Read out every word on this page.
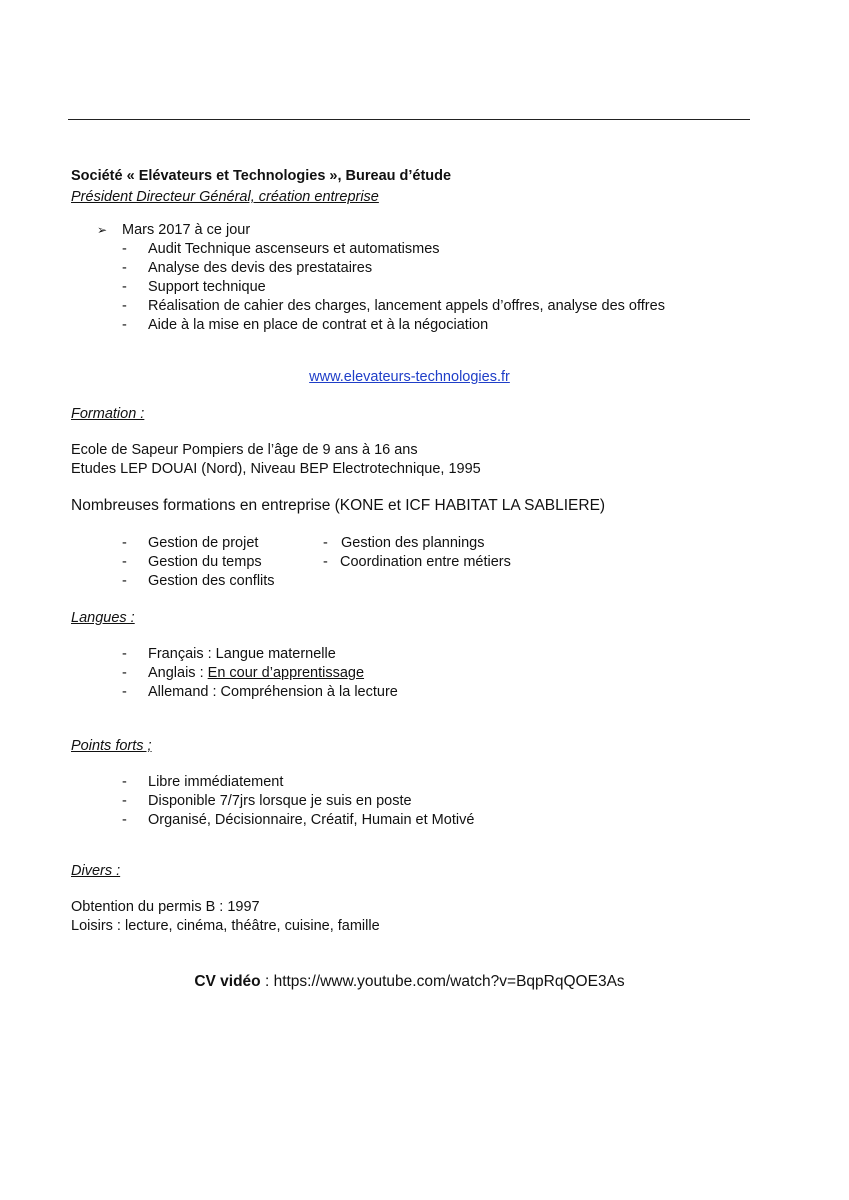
Société « Elévateurs et Technologies », Bureau d’étude
Président Directeur Général, création entreprise
➢ Mars 2017 à ce jour
- Audit Technique ascenseurs et automatismes
- Analyse des devis des prestataires
- Support technique
- Réalisation de cahier des charges, lancement appels d’offres, analyse des offres
- Aide à la mise en place de contrat et à la négociation
www.elevateurs-technologies.fr
Formation :
Ecole de Sapeur Pompiers de l’âge de 9 ans à 16 ans
Etudes LEP DOUAI (Nord), Niveau BEP Electrotechnique, 1995
Nombreuses formations en entreprise (KONE et ICF HABITAT LA SABLIERE)
- Gestion de projet
- Gestion du temps
- Gestion des conflits
- Gestion des plannings
- Coordination entre métiers
Langues :
- Français : Langue maternelle
- Anglais : En cour d’apprentissage
- Allemand : Compréhension à la lecture
Points forts ;
- Libre immédiatement
- Disponible 7/7jrs lorsque je suis en poste
- Organisé, Décisionnaire, Créatif, Humain et Motivé
Divers :
Obtention du permis B : 1997
Loisirs : lecture, cinéma, théâtre, cuisine, famille
CV vidéo : https://www.youtube.com/watch?v=BqpRqQOE3As
